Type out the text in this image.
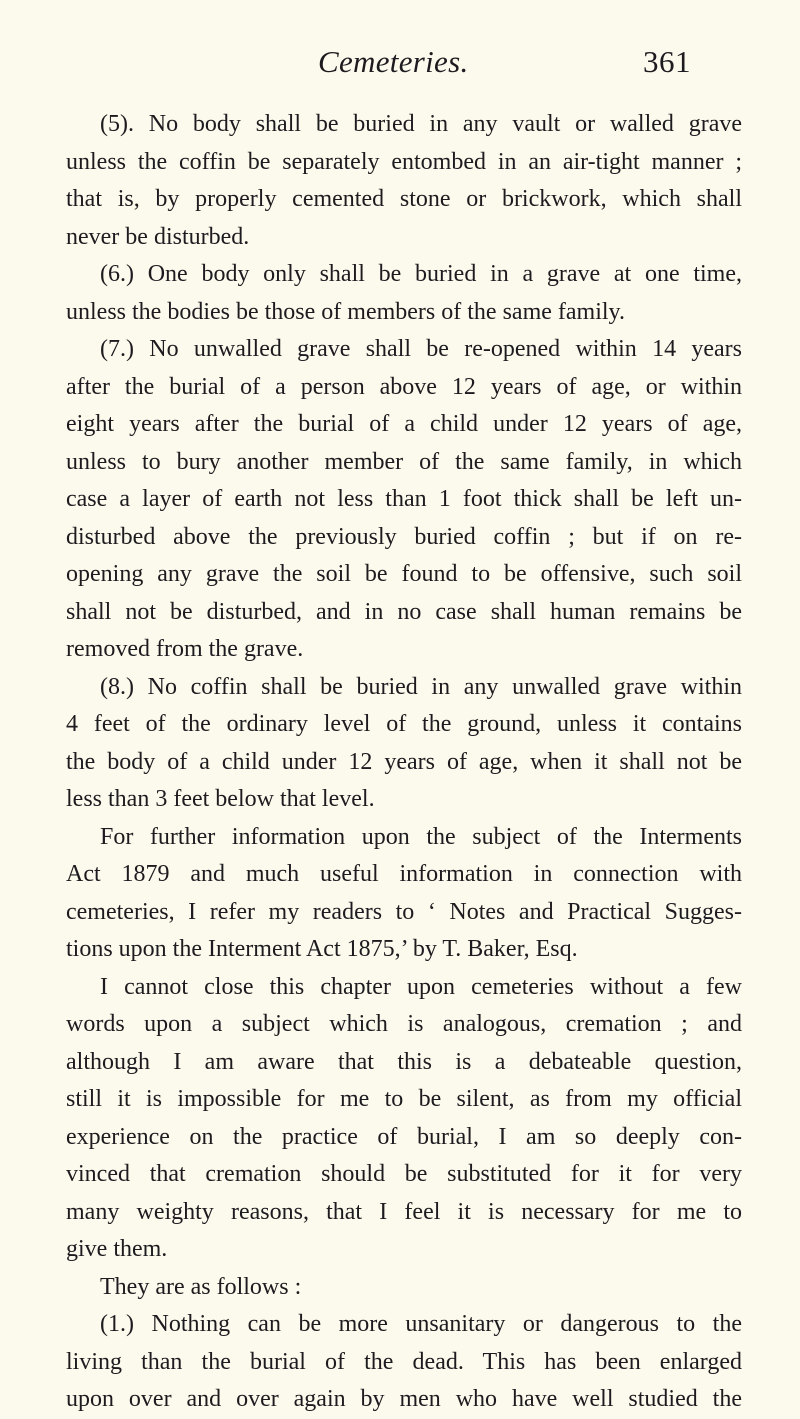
Cemeteries.	361
(5). No body shall be buried in any vault or walled grave
unless the coffin be separately entombed in an air-tight manner ;
that is, by properly cemented stone or brickwork, which shall
never be disturbed.
(6.) One body only shall be buried in a grave at one time,
unless the bodies be those of members of the same family.
(7.) No unwalled grave shall be re-opened within 14 years
after the burial of a person above 12 years of age, or within
eight years after the burial of a child under 12 years of age,
unless to bury another member of the same family, in which
case a layer of earth not less than 1 foot thick shall be left un-
disturbed above the previously buried coffin ; but if on re-
opening any grave the soil be found to be offensive, such soil
shall not be disturbed, and in no case shall human remains be
removed from the grave.
(8.) No coffin shall be buried in any unwalled grave within
4 feet of the ordinary level of the ground, unless it contains
the body of a child under 12 years of age, when it shall not be
less than 3 feet below that level.
For further information upon the subject of the Interments
Act 1879 and much useful information in connection with
cemeteries, I refer my readers to ‘ Notes and Practical Sugges-
tions upon the Interment Act 1875,’ by T. Baker, Esq.
I cannot close this chapter upon cemeteries without a few
words upon a subject which is analogous, cremation ; and
although I am aware that this is a debateable question,
still it is impossible for me to be silent, as from my official
experience on the practice of burial, I am so deeply con-
vinced that cremation should be substituted for it for very
many weighty reasons, that I feel it is necessary for me to
give them.
They are as follows :
(1.) Nothing can be more unsanitary or dangerous to the
living than the burial of the dead. This has been enlarged
upon over and over again by men who have well studied the
